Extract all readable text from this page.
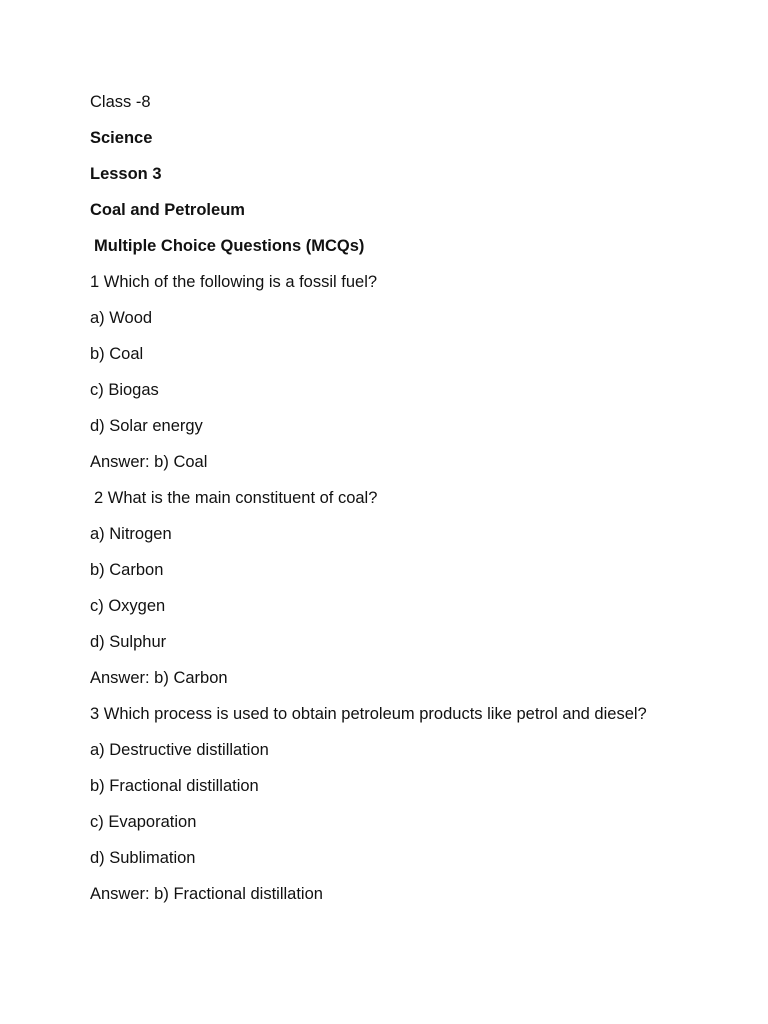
Class -8
Science
Lesson 3
Coal and Petroleum
Multiple Choice Questions (MCQs)
1 Which of the following is a fossil fuel?
a) Wood
b) Coal
c) Biogas
d) Solar energy
Answer: b) Coal
2 What is the main constituent of coal?
a) Nitrogen
b) Carbon
c) Oxygen
d) Sulphur
Answer: b) Carbon
3 Which process is used to obtain petroleum products like petrol and diesel?
a) Destructive distillation
b) Fractional distillation
c) Evaporation
d) Sublimation
Answer: b) Fractional distillation
